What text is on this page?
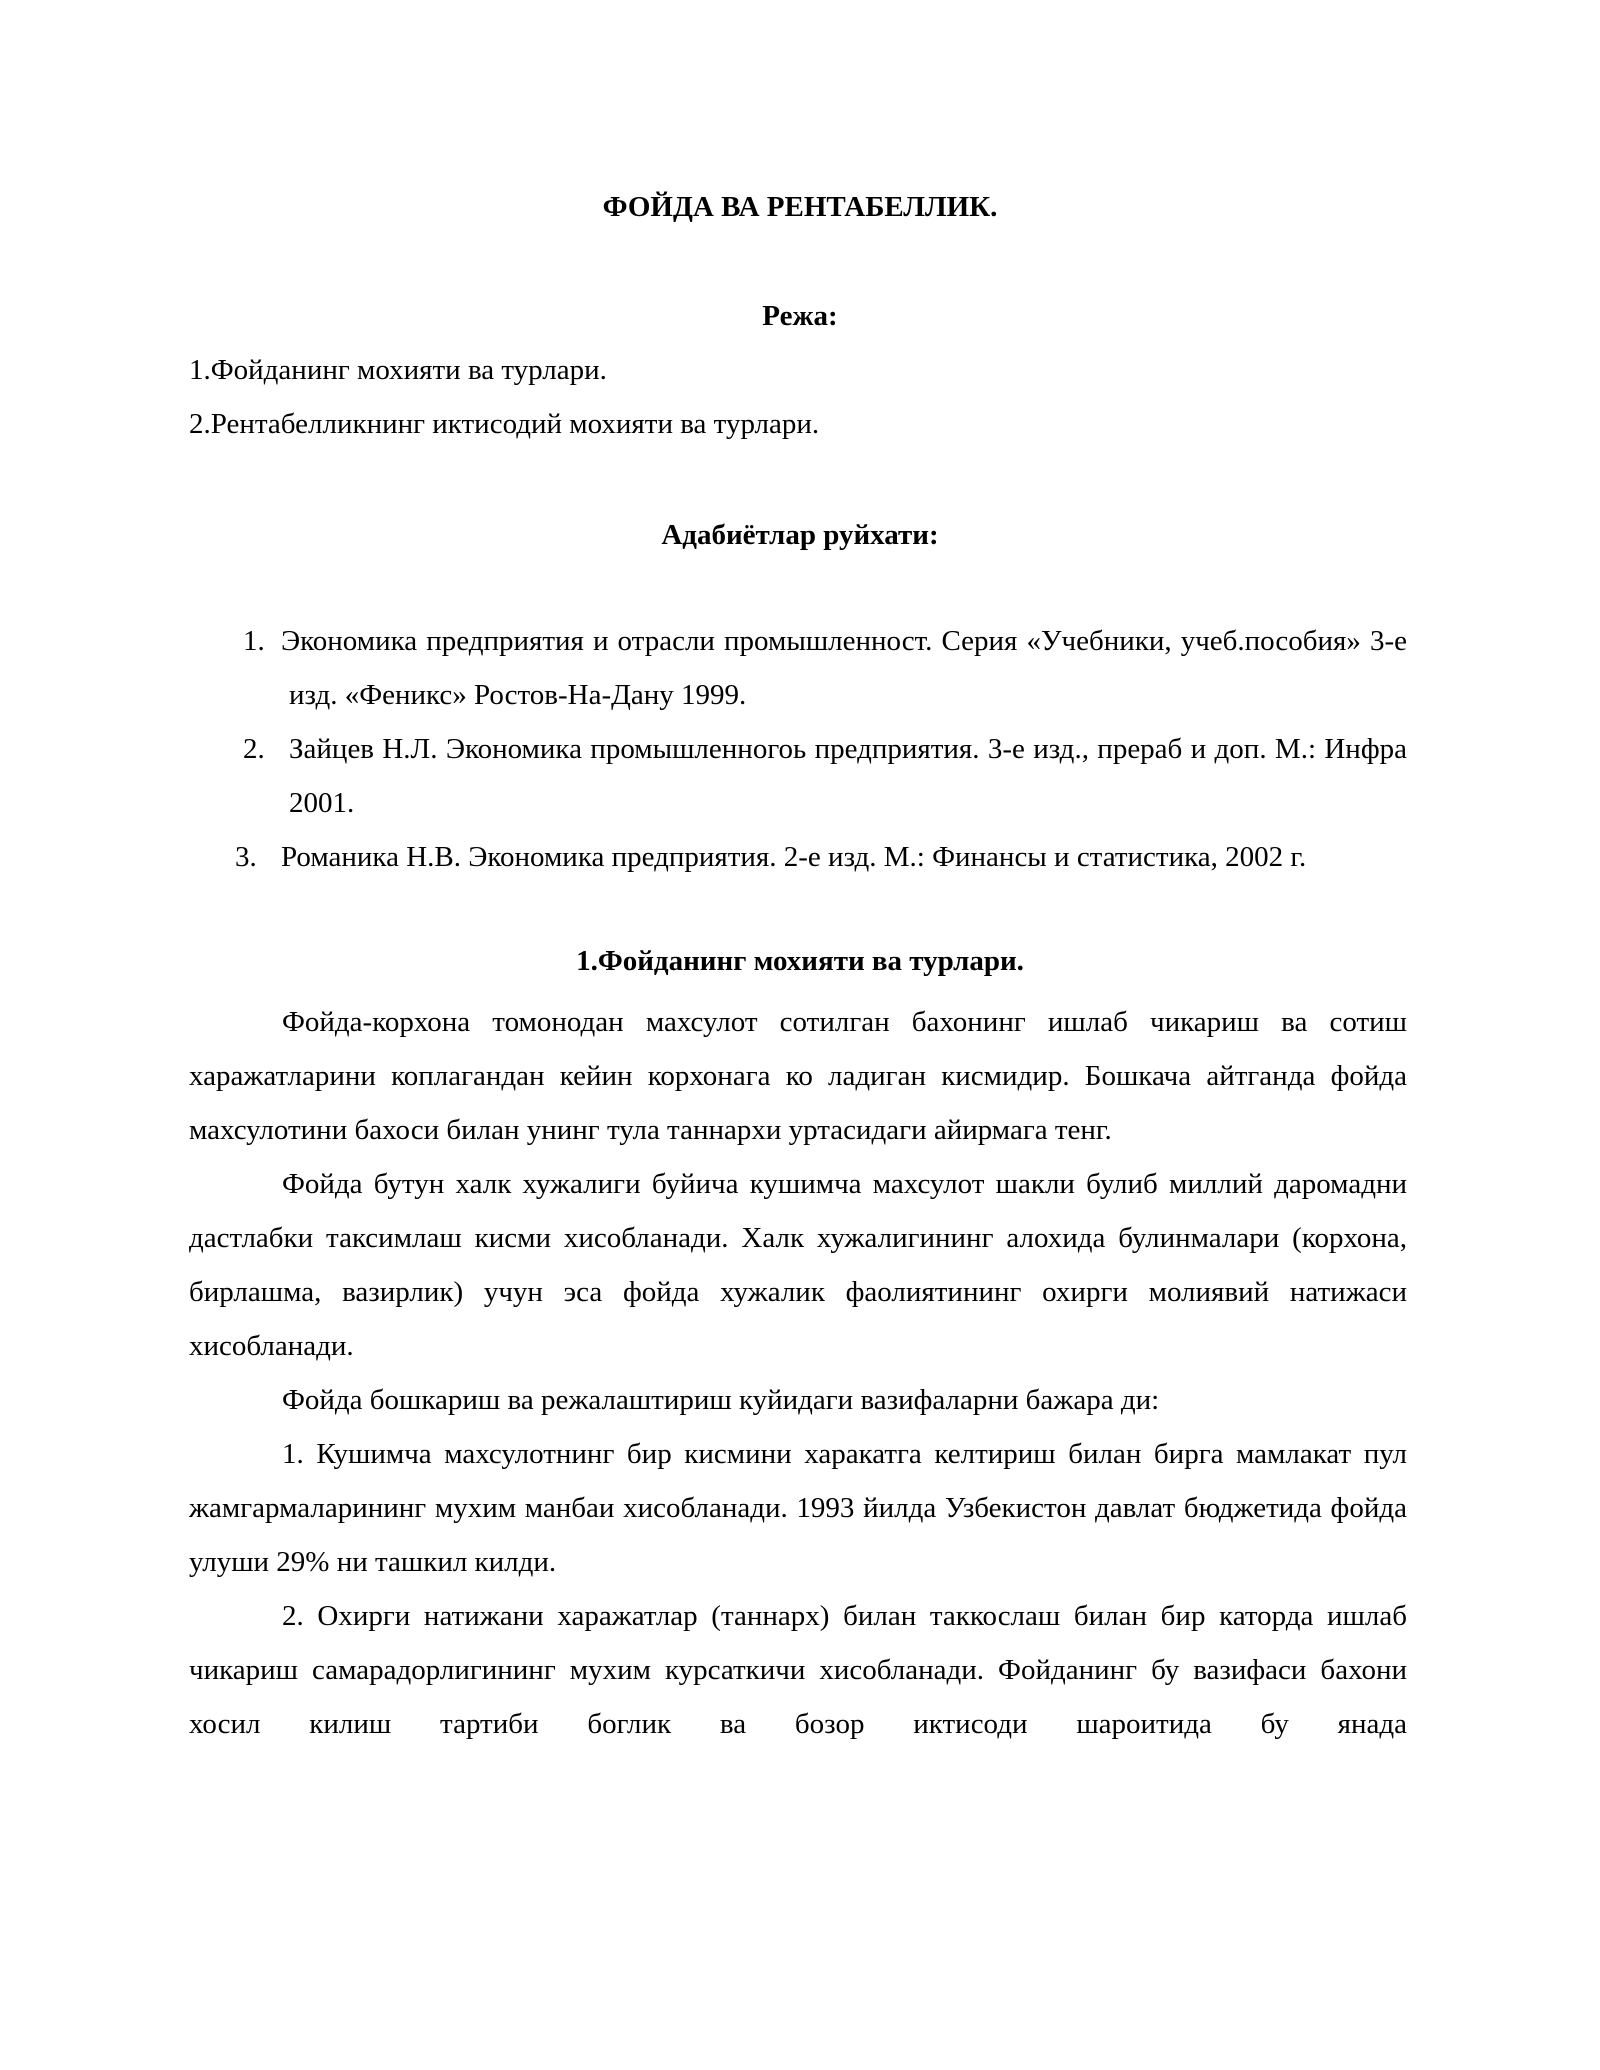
ФОЙДА ВА РЕНТАБЕЛЛИК.
Режа:

1.Фойданинг мохияти ва турлари.

2.Рентабелликнинг иктисодий мохияти ва турлари.

Адабиётлар руйхати:
1. Экономика предприятия и отрасли промышленност. Серия «Учебники, учеб.пособия» 3-е изд. «Феникс» Ростов-На-Дану 1999.
2. Зайцев Н.Л. Экономика промышленногоь предприятия. 3-е изд., прераб и доп. М.: Инфра 2001.
3. Романика Н.В. Экономика предприятия. 2-е изд. М.: Финансы и статистика, 2002 г.
1.Фойданинг мохияти ва турлари.

Фойда-корхона томонодан махсулот сотилган бахонинг ишлаб чикариш ва сотиш харажатларини коплагандан кейин корхонага ко ладиган кисмидир. Бошкача айтганда фойда махсулотини бахоси билан унинг тула таннархи уртасидаги айирмага тенг.

Фойда бутун халк хужалиги буйича кушимча махсулот шакли булиб миллий даромадни дастлабки таксимлаш кисми хисобланади. Халк хужалигининг алохида булинмалари (корхона, бирлашма, вазирлик) учун эса фойда хужалик фаолиятининг охирги молиявий натижаси хисобланади.

Фойда бошкариш ва режалаштириш куйидаги вазифаларни бажара ди:

1. Кушимча махсулотнинг бир кисмини харакатга келтириш билан бирга мамлакат пул жамгармаларининг мухим манбаи хисобланади. 1993 йилда Узбекистон давлат бюджетида фойда улуши 29% ни ташкил килди.

2. Охирги натижани харажатлар (таннарх) билан таккослаш билан бир каторда ишлаб чикариш самарадорлигининг мухим курсаткичи хисобланади. Фойданинг бу вазифаси бахони хосил килиш тартиби боглик ва бозор иктисоди шароитида бу янада
